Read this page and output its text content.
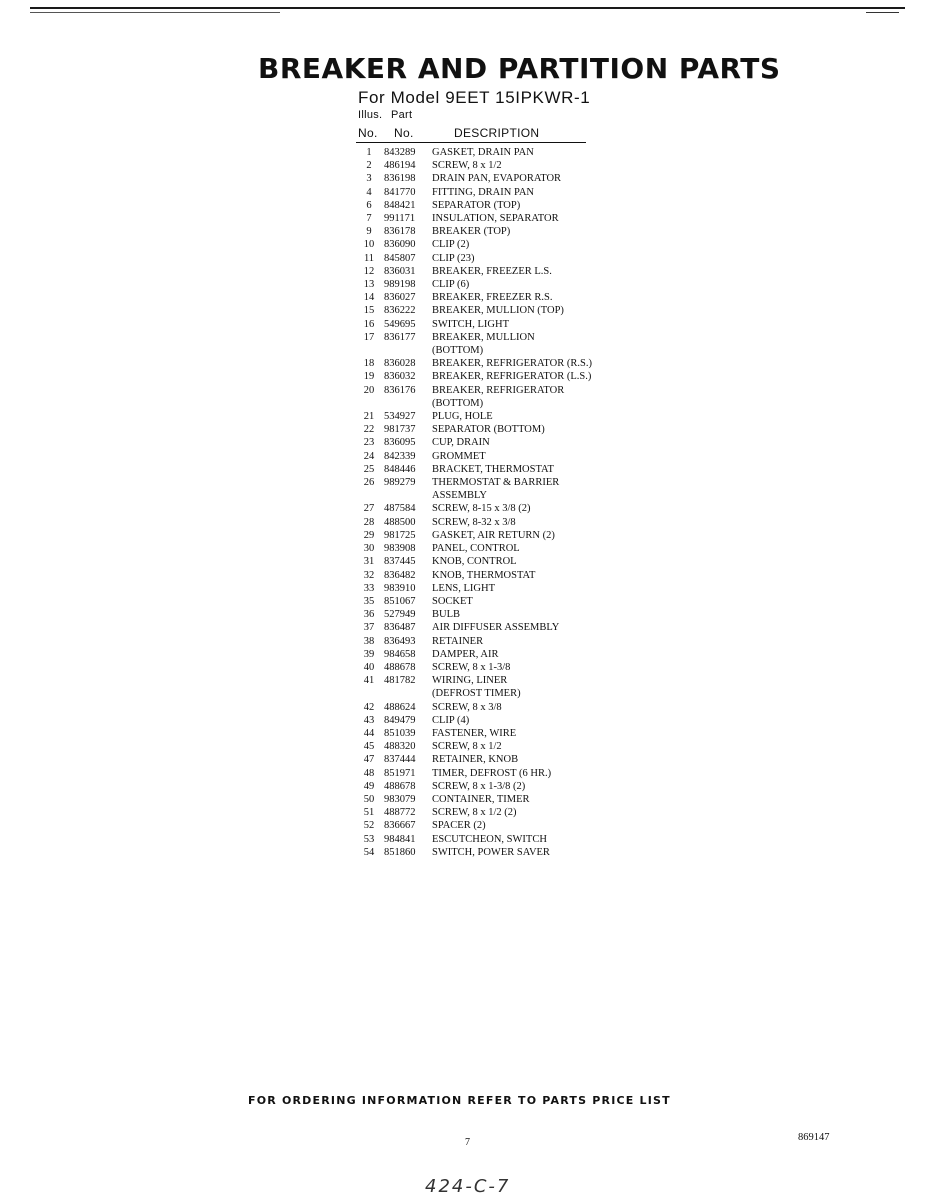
BREAKER AND PARTITION PARTS
For Model 9EET 15IPKWR-1
Illus. Part
No. No.	DESCRIPTION
1	843289	GASKET, DRAIN PAN
2	486194	SCREW, 8 x 1/2
3	836198	DRAIN PAN, EVAPORATOR
4	841770	FITTING, DRAIN PAN
6	848421	SEPARATOR (TOP)
7	991171	INSULATION, SEPARATOR
9	836178	BREAKER (TOP)
10 836090	CLIP (2)
11 845807	CLIP (23)
12 836031	BREAKER, FREEZER L.S.
13 989198	CLIP (6)
14 836027	BREAKER, FREEZER R.S.
15 836222	BREAKER, MULLION (TOP)
16 549695	SWITCH, LIGHT
17 836177	BREAKER, MULLION
(BOTTOM)
18 836028	BREAKER, REFRIGERATOR (R.S.)
19 836032	BREAKER, REFRIGERATOR (L.S.)
20 836176	BREAKER, REFRIGERATOR
(BOTTOM)
21 534927	PLUG, HOLE
22 981737	SEPARATOR (BOTTOM)
23 836095	CUP, DRAIN
24 842339	GROMMET
25 848446	BRACKET, THERMOSTAT
26 989279	THERMOSTAT & BARRIER
ASSEMBLY
27 487584	SCREW, 8-15 x 3/8 (2)
28 488500	SCREW, 8-32 x 3/8
29 981725	GASKET, AIR RETURN (2)
30 983908	PANEL, CONTROL
31 837445	KNOB, CONTROL
32 836482	KNOB, THERMOSTAT
33 983910	LENS, LIGHT
35 851067	SOCKET
36 527949	BULB
37 836487	AIR DIFFUSER ASSEMBLY
38 836493	RETAINER
39 984658	DAMPER, AIR
40 488678	SCREW, 8 x 1-3/8
41 481782	WIRING, LINER
(DEFROST TIMER)
42 488624	SCREW, 8 x 3/8
43 849479	CLIP (4)
44 851039	FASTENER, WIRE
45 488320	SCREW, 8 x 1/2
47 837444	RETAINER, KNOB
48 851971	TIMER, DEFROST (6 HR.)
49 488678	SCREW, 8 x 1-3/8 (2)
50 983079	CONTAINER, TIMER
51 488772	SCREW, 8 x 1/2 (2)
52 836667	SPACER (2)
53 984841	ESCUTCHEON, SWITCH
54 851860	SWITCH, POWER SAVER
FOR ORDERING INFORMATION REFER TO PARTS PRICE LIST
7	869147
424-C-7
